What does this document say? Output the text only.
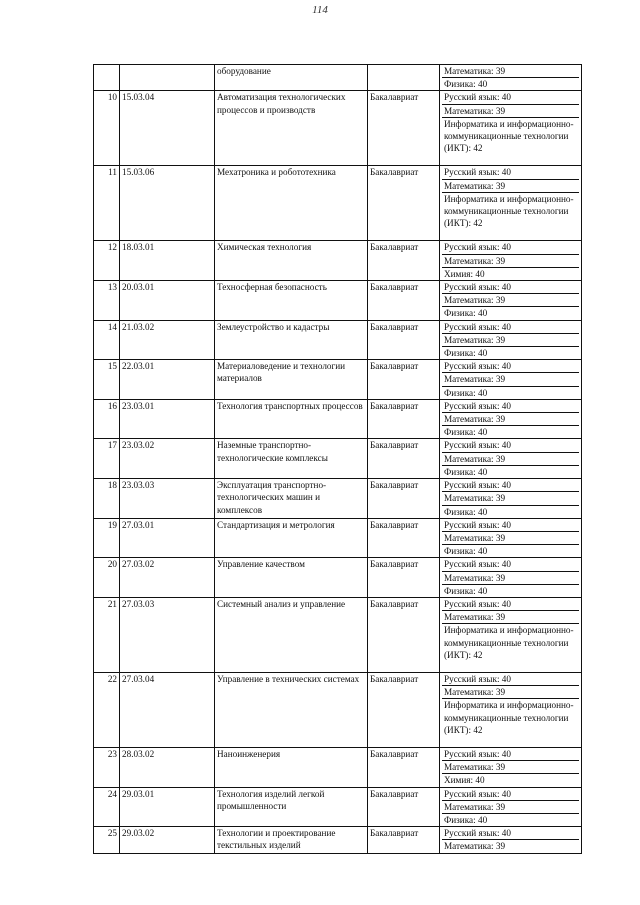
114
		оборудование		Математика: 39
Физика: 40

10	15.03.04	Автоматизация технологических процессов и производств	Бакалавриат	Русский язык: 40
Математика: 39
Информатика и информационно-коммуникационные технологии (ИКТ): 42

11	15.03.06	Мехатроника и робототехника	Бакалавриат	Русский язык: 40
Математика: 39
Информатика и информационно-коммуникационные технологии (ИКТ): 42

12	18.03.01	Химическая технология	Бакалавриат	Русский язык: 40
Математика: 39
Химия: 40

13	20.03.01	Техносферная безопасность	Бакалавриат	Русский язык: 40
Математика: 39
Физика: 40

14	21.03.02	Землеустройство и кадастры	Бакалавриат	Русский язык: 40
Математика: 39
Физика: 40

15	22.03.01	Материаловедение и технологии материалов	Бакалавриат	Русский язык: 40
Математика: 39
Физика: 40

16	23.03.01	Технология транспортных процессов	Бакалавриат	Русский язык: 40
Математика: 39
Физика: 40

17	23.03.02	Наземные транспортно-технологические комплексы	Бакалавриат	Русский язык: 40
Математика: 39
Физика: 40

18	23.03.03	Эксплуатация транспортно-технологических машин и комплексов	Бакалавриат	Русский язык: 40
Математика: 39
Физика: 40

19	27.03.01	Стандартизация и метрология	Бакалавриат	Русский язык: 40
Математика: 39
Физика: 40

20	27.03.02	Управление качеством	Бакалавриат	Русский язык: 40
Математика: 39
Физика: 40

21	27.03.03	Системный анализ и управление	Бакалавриат	Русский язык: 40
Математика: 39
Информатика и информационно-коммуникационные технологии (ИКТ): 42

22	27.03.04	Управление в технических системах	Бакалавриат	Русский язык: 40
Математика: 39
Информатика и информационно-коммуникационные технологии (ИКТ): 42

23	28.03.02	Наноинженерия	Бакалавриат	Русский язык: 40
Математика: 39
Химия: 40

24	29.03.01	Технология изделий легкой промышленности	Бакалавриат	Русский язык: 40
Математика: 39
Физика: 40

25	29.03.02	Технологии и проектирование текстильных изделий	Бакалавриат	Русский язык: 40
Математика: 39
